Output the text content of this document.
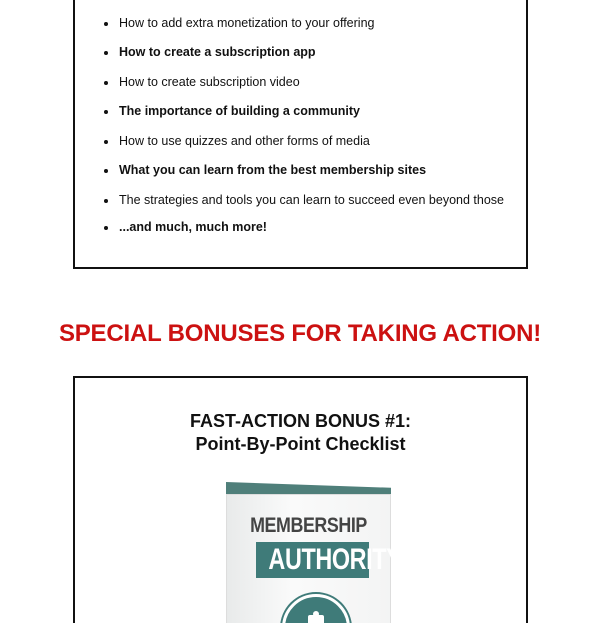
How to add extra monetization to your offering
How to create a subscription app
How to create subscription video
The importance of building a community
How to use quizzes and other forms of media
What you can learn from the best membership sites
The strategies and tools you can learn to succeed even beyond those
...and much, much more!
SPECIAL BONUSES FOR TAKING ACTION!
FAST-ACTION BONUS #1:
Point-By-Point Checklist
MEMBERSHIP
AUTHORITY
